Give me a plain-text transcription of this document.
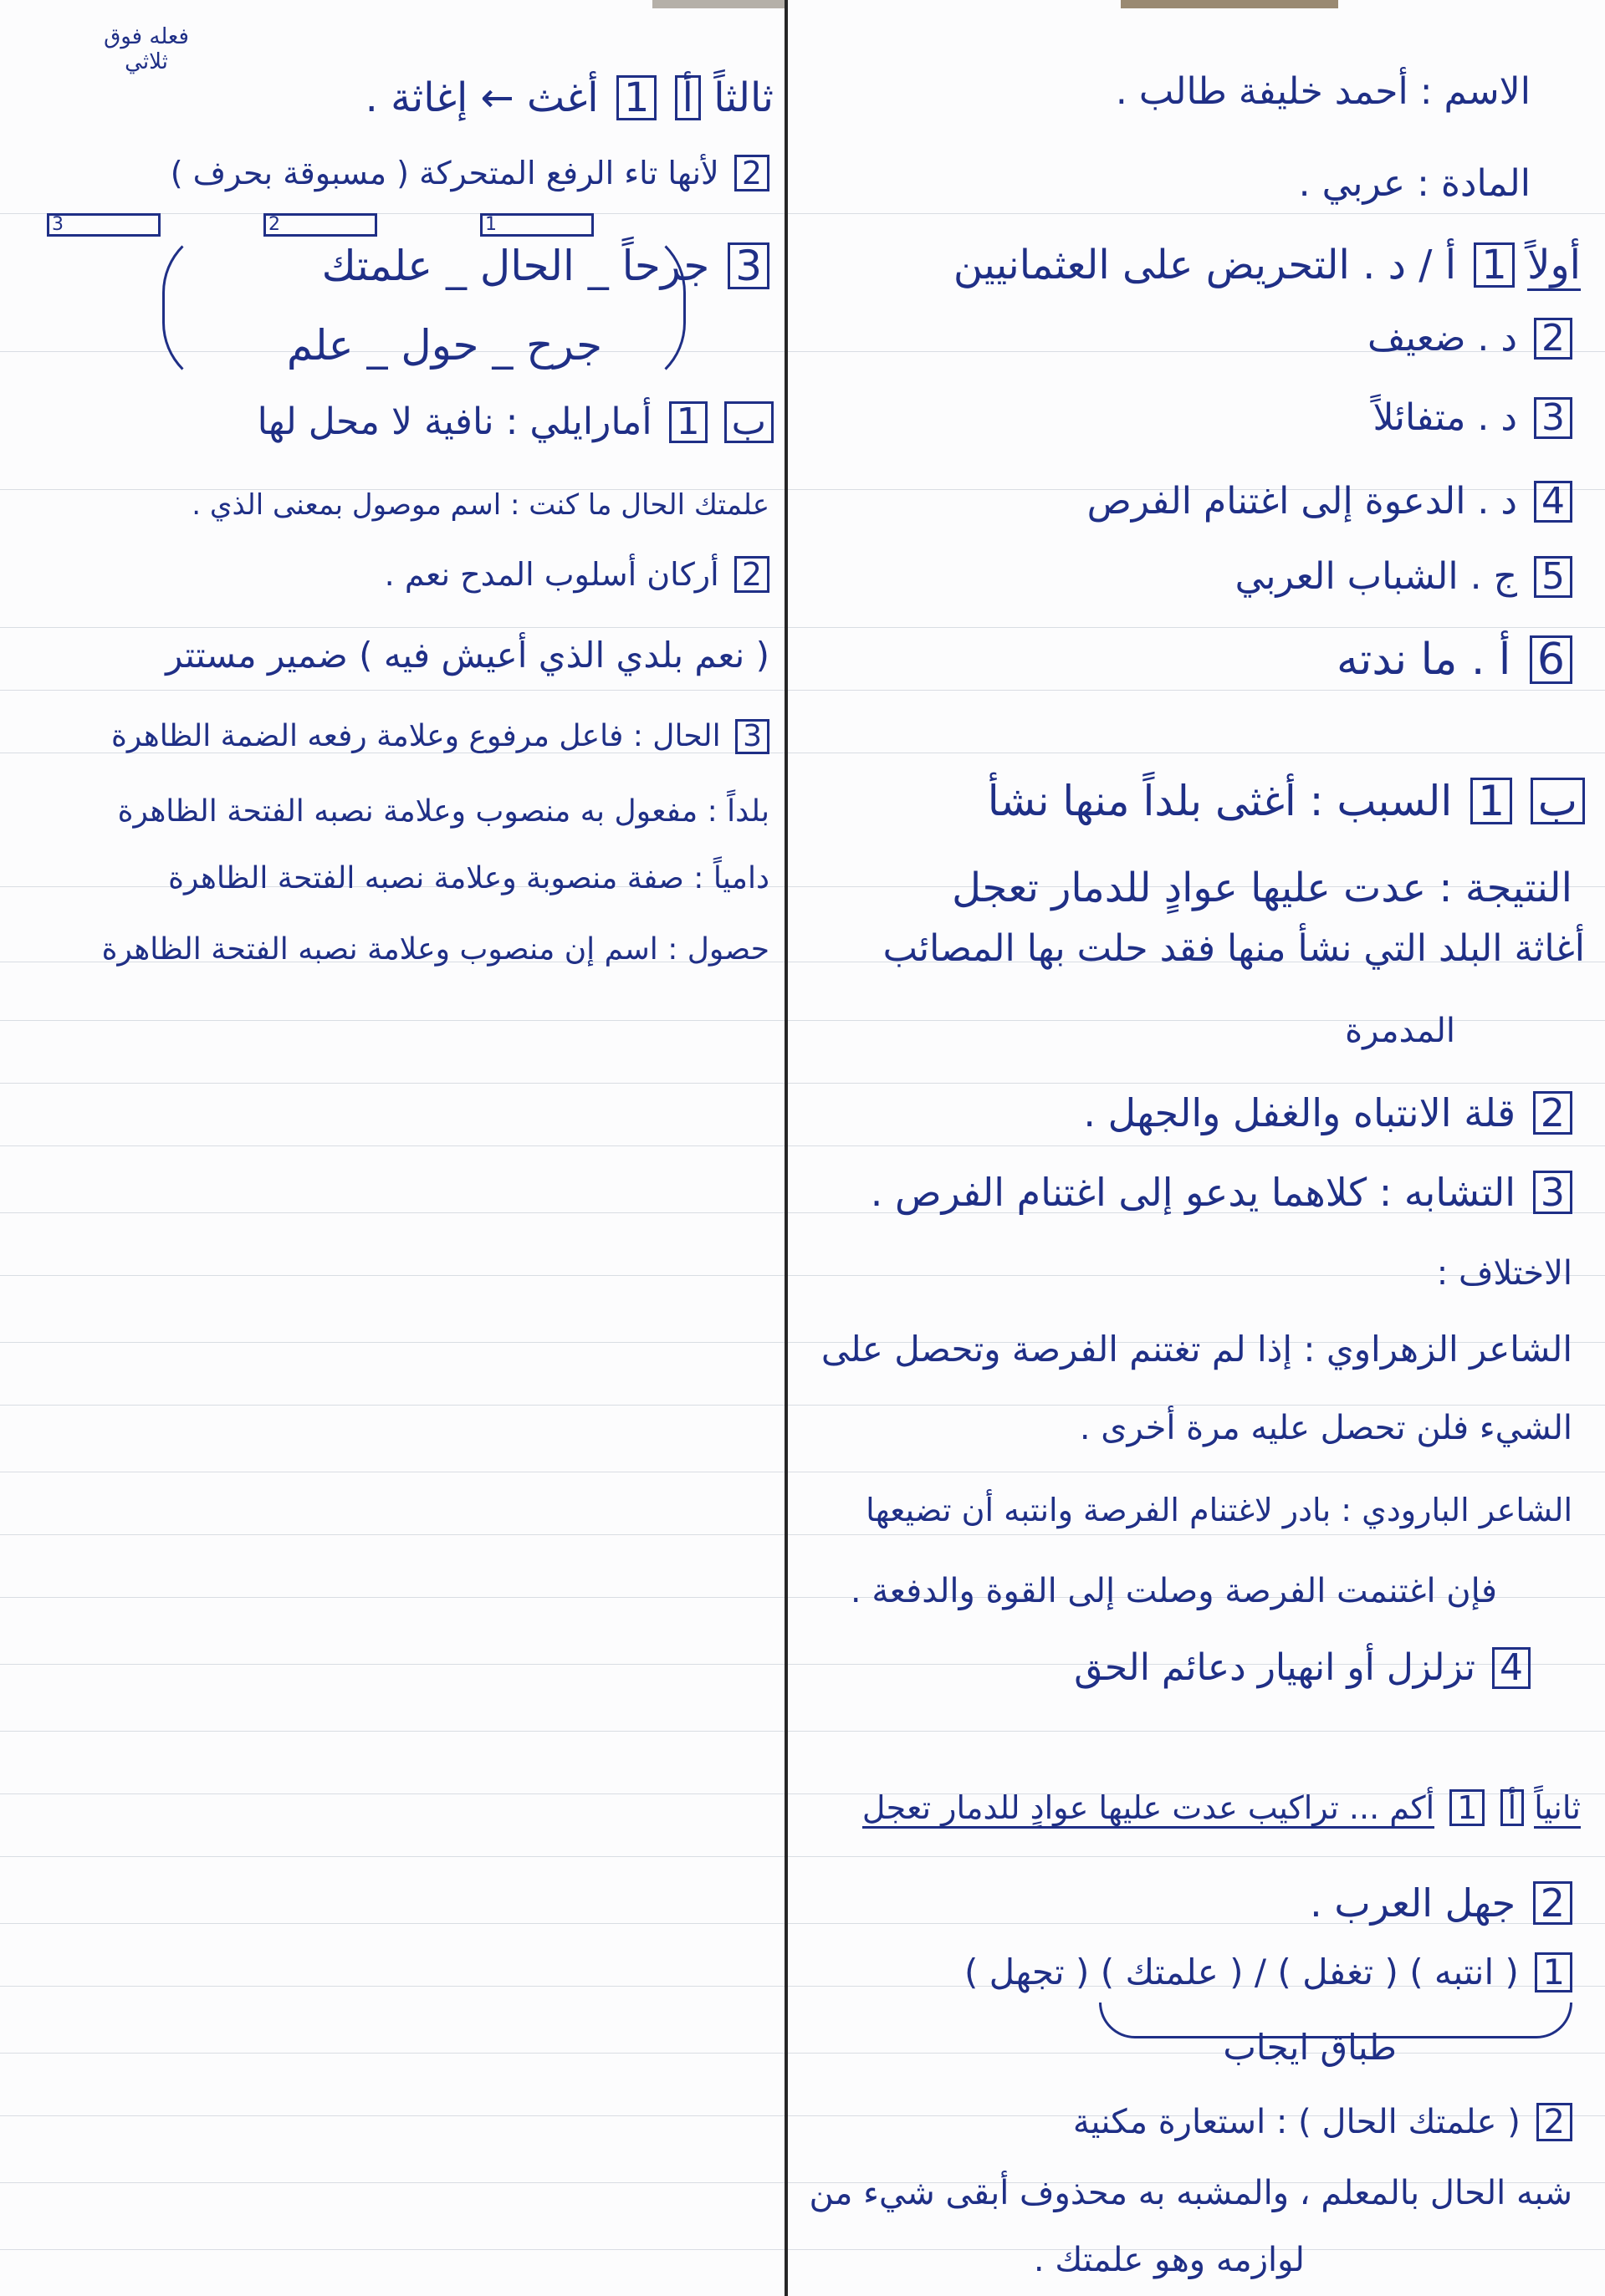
الاسم : أحمد خليفة طالب .
المادة : عربي .
أولاً 1 أ / د . التحريض على العثمانيين
2 د . ضعيف
3 د . متفائلاً
4 د . الدعوة إلى اغتنام الفرص
5 ج . الشباب العربي
6 أ . ما ندته
ب 1 السبب : أغثى بلداً منها نشأ
النتيجة : عدت عليها عوادٍ للدمار تعجل
أغاثة البلد التي نشأ منها فقد حلت بها المصائب
المدمرة
2 قلة الانتباه والغفل والجهل .
3 التشابه : كلاهما يدعو إلى اغتنام الفرص .
الاختلاف :
الشاعر الزهراوي : إذا لم تغتنم الفرصة وتحصل على
الشيء فلن تحصل عليه مرة أخرى .
الشاعر البارودي : بادر لاغتنام الفرصة وانتبه أن تضيعها
فإن اغتنمت الفرصة وصلت إلى القوة والدفعة .
4 تزلزل أو انهيار دعائم الحق
ثانياً أ 1 أكم ... تراكيب عدت عليها عوادٍ للدمار تعجل
2 جهل العرب .
1 ( انتبه ) ( تغفل ) / ( علمتك ) ( تجهل )
طباق ايجاب
2 ( علمتك الحال ) : استعارة مكنية
شبه الحال بالمعلم ، والمشبه به محذوف أبقى شيء من
لوازمه وهو علمتك .
فعله فوق ثلاثي
ثالثاً أ 1 أغث ← إغاثة .
2 لأنها تاء الرفع المتحركة ( مسبوقة بحرف )
3 جرحاً _ الحال _ علمتك
1 2 3
جرح _ حول _ علم
ب 1 أمارايلي : نافية لا محل لها
علمتك الحال ما كنت : اسم موصول بمعنى الذي .
2 أركان أسلوب المدح نعم .
( نعم بلدي الذي أعيش فيه ) ضمير مستتر
3 الحال : فاعل مرفوع وعلامة رفعه الضمة الظاهرة
بلداً : مفعول به منصوب وعلامة نصبه الفتحة الظاهرة
دامياً : صفة منصوبة وعلامة نصبه الفتحة الظاهرة
حصول : اسم إن منصوب وعلامة نصبه الفتحة الظاهرة
